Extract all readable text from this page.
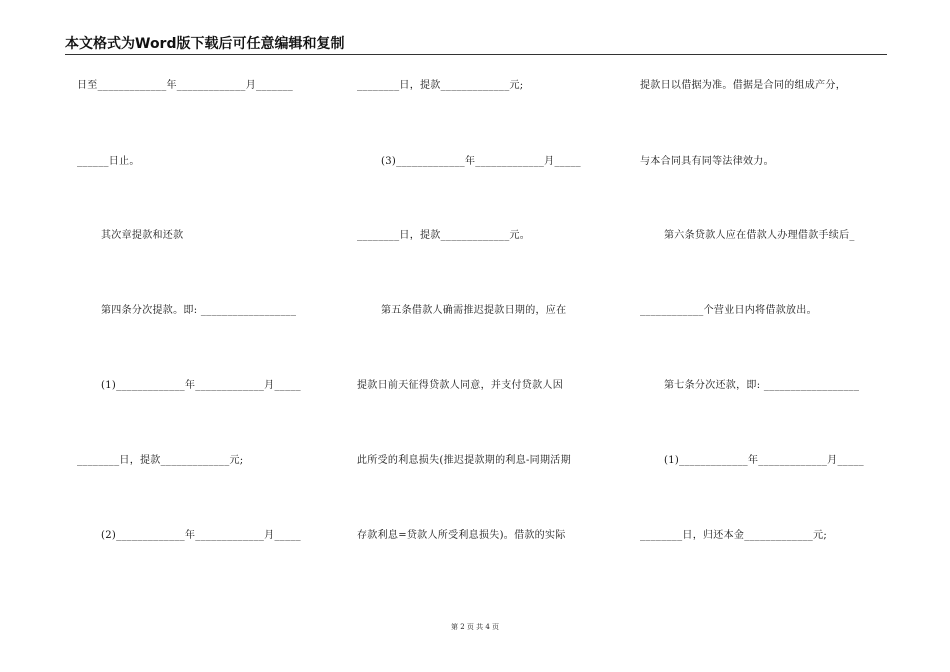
本文格式为Word版下载后可任意编辑和复制
日至_____________年_____________月_______
______日止。
其次章提款和还款
第四条分次提款。即: __________________
(1)_____________年_____________月_____
________日，提款_____________元;
(2)_____________年_____________月_____
________日，提款_____________元;
(3)_____________年_____________月_____
________日，提款_____________元。
第五条借款人确需推迟提款日期的，应在
提款日前天征得贷款人同意，并支付贷款人因
此所受的利息损失(推迟提款期的利息-同期活期
存款利息=贷款人所受利息损失)。借款的实际
提款日以借据为准。借据是合同的组成产分，
与本合同具有同等法律效力。
第六条贷款人应在借款人办理借款手续后_
____________个营业日内将借款放出。
第七条分次还款，即: __________________
(1)_____________年_____________月_____
________日，归还本金_____________元;
第 2 页 共 4 页
